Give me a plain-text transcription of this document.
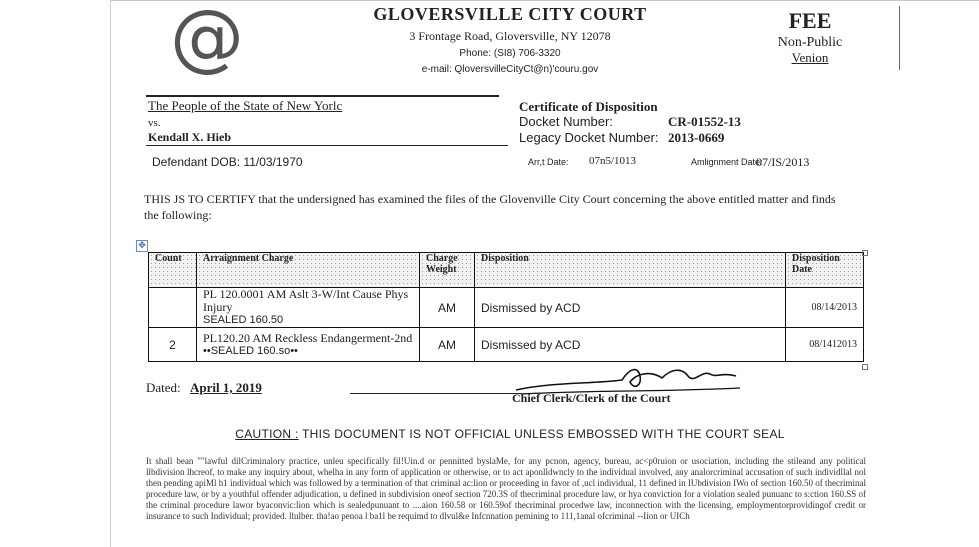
@	GLOVERSVILLE CITY COURT
3 Frontage Road, Gloversville, NY 12078
Phone: (SI8) 706-3320
e-mail: QloversvilleCityCt@n)'couru.gov
FEE
Non-Public
Venion
The People of the State of New Yorlc
vs.
Kendall X. Hieb
Defendant DOB: 11/03/1970
Certificate of Disposition
Docket Number:	CR-01552-13
Legacy Docket Number: 2013-0669
Arr,t Date: 07n5/1013	Amlignment Date:
07/IS/2013
THIS JS TO CERTIFY that the undersigned has examined the files of the Glovenville City Court concerning the above entitled matter and finds the following:
✥
Count	Arraignment Charge	Charge Weight	Disposition	Disposition Date

	PL 120.0001 AM Aslt 3-W/Int Cause Phys Injury
SEALED 160.50	AM	Dismissed by ACD	08/14/2013
2	PL120.20 AM Reckless Endangerment-2nd
••SEALED 160.so••	AM	Dismissed by ACD	08/1412013
Dated: April 1, 2019
Chief Clerk/Clerk of the Court
CAUTION : THIS DOCUMENT IS NOT OFFICIAL UNLESS EMBOSSED WITH THE COURT SEAL
It shall bean ""lawful dilCriminalory practice, unleu specifically fil!Uin.d or pennitted byslaMe, for any pcnon, agency, bureau, ac<p0ruion or usociation, including the stileand any political llbdivision lhcreof, to make any inquiry about, whelha in any form of application or otherwise, or to act aponlldwncly to the individual involved, any analorcriminal accusation of such individllal nol then pending apiMl h1 individual which was followed by a termination of that criminal ac:lion or proceeding in favor of ,ucl individual, 11 defined in IUbdivision IWo of section 160.50 of thecriminal procedure law, or by a youthful offender adjudication, u defined in subdivision oneof section 720.3S of thecriminal procedure law, or hya conviction for a violation sealed punuanc to s:ction 160.SS of the criminal procedure lawor byaconvic:lion which is sealedpunuant to ....aion 160.58 or 160.59of thecriminal procedwe law, inconnection with the licensing, employmentorprovidingof credit or insurance to such Individual; provided. llulber. tha!ao penoa l ba1l be requimd to dlvul&e Infcnnation pemining to 111,1anal ofcriminal --Iion or UICh
